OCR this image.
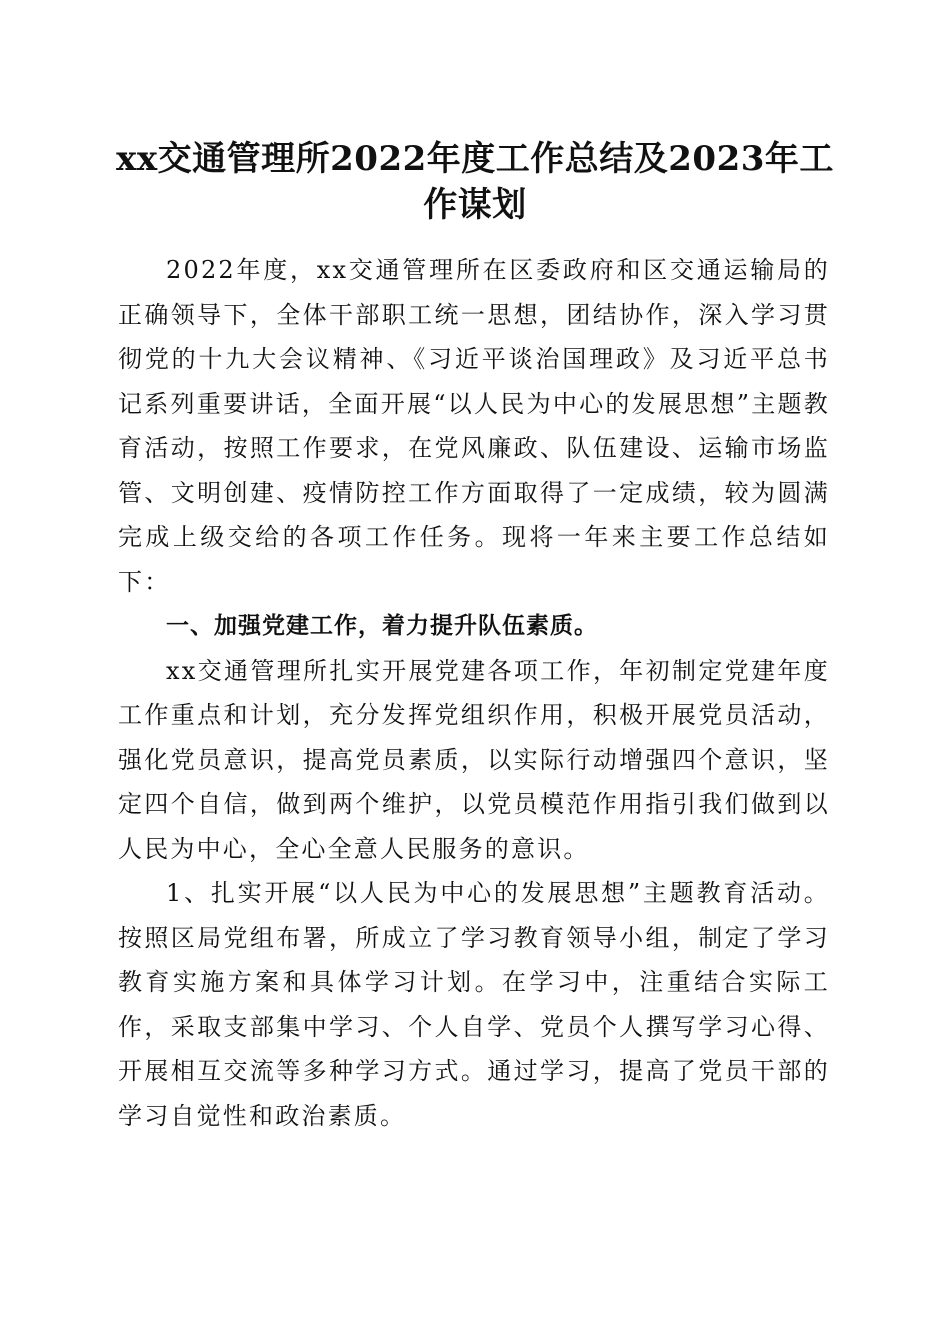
xx交通管理所2022年度工作总结及2023年工作谋划

2022年度，xx交通管理所在区委政府和区交通运输局的正确领导下，全体干部职工统一思想，团结协作，深入学习贯彻党的十九大会议精神、《习近平谈治国理政》及习近平总书记系列重要讲话，全面开展“以人民为中心的发展思想”主题教育活动，按照工作要求，在党风廉政、队伍建设、运输市场监管、文明创建、疫情防控工作方面取得了一定成绩，较为圆满完成上级交给的各项工作任务。现将一年来主要工作总结如下：

一、加强党建工作，着力提升队伍素质。

xx交通管理所扎实开展党建各项工作，年初制定党建年度工作重点和计划，充分发挥党组织作用，积极开展党员活动，强化党员意识，提高党员素质，以实际行动增强四个意识，坚定四个自信，做到两个维护，以党员模范作用指引我们做到以人民为中心，全心全意人民服务的意识。

1、扎实开展“以人民为中心的发展思想”主题教育活动。按照区局党组布署，所成立了学习教育领导小组，制定了学习教育实施方案和具体学习计划。在学习中，注重结合实际工作，采取支部集中学习、个人自学、党员个人撰写学习心得、开展相互交流等多种学习方式。通过学习，提高了党员干部的学习自觉性和政治素质。
